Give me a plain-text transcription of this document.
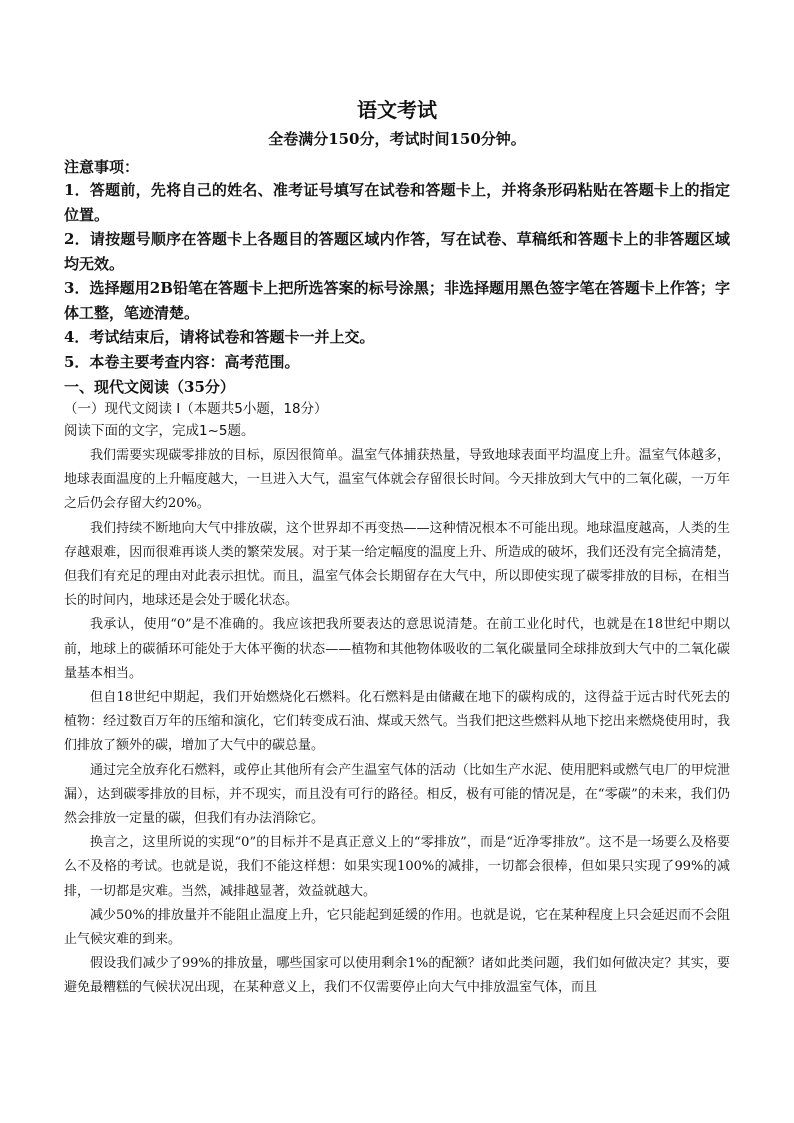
语文考试
全卷满分150分，考试时间150分钟。
注意事项：
1．答题前，先将自己的姓名、准考证号填写在试卷和答题卡上，并将条形码粘贴在答题卡上的指定位置。
2．请按题号顺序在答题卡上各题目的答题区域内作答，写在试卷、草稿纸和答题卡上的非答题区域均无效。
3．选择题用2B铅笔在答题卡上把所选答案的标号涂黑；非选择题用黑色签字笔在答题卡上作答；字体工整，笔迹清楚。
4．考试结束后，请将试卷和答题卡一并上交。
5．本卷主要考查内容：高考范围。
一、现代文阅读（35分）
（一）现代文阅读 I（本题共5小题，18分）
阅读下面的文字，完成1~5题。

我们需要实现碳零排放的目标，原因很简单。温室气体捕获热量，导致地球表面平均温度上升。温室气体越多，地球表面温度的上升幅度越大，一旦进入大气，温室气体就会存留很长时间。今天排放到大气中的二氧化碳，一万年之后仍会存留大约20%。

我们持续不断地向大气中排放碳，这个世界却不再变热——这种情况根本不可能出现。地球温度越高，人类的生存越艰难，因而很难再谈人类的繁荣发展。对于某一给定幅度的温度上升、所造成的破坏，我们还没有完全搞清楚，但我们有充足的理由对此表示担忧。而且，温室气体会长期留存在大气中，所以即使实现了碳零排放的目标，在相当长的时间内，地球还是会处于暖化状态。

我承认，使用“0”是不准确的。我应该把我所要表达的意思说清楚。在前工业化时代，也就是在18世纪中期以前，地球上的碳循环可能处于大体平衡的状态——植物和其他物体吸收的二氧化碳量同全球排放到大气中的二氧化碳量基本相当。

但自18世纪中期起，我们开始燃烧化石燃料。化石燃料是由储藏在地下的碳构成的，这得益于远古时代死去的植物：经过数百万年的压缩和演化，它们转变成石油、煤或天然气。当我们把这些燃料从地下挖出来燃烧使用时，我们排放了额外的碳，增加了大气中的碳总量。

通过完全放弃化石燃料，或停止其他所有会产生温室气体的活动（比如生产水泥、使用肥料或燃气电厂的甲烷泄漏），达到碳零排放的目标，并不现实，而且没有可行的路径。相反，极有可能的情况是，在“零碳”的未来，我们仍然会排放一定量的碳，但我们有办法消除它。

换言之，这里所说的实现“0”的目标并不是真正意义上的“零排放”，而是“近净零排放”。这不是一场要么及格要么不及格的考试。也就是说，我们不能这样想：如果实现100%的减排，一切都会很棒，但如果只实现了99%的减排，一切都是灾难。当然，减排越显著，效益就越大。

减少50%的排放量并不能阻止温度上升，它只能起到延缓的作用。也就是说，它在某种程度上只会延迟而不会阻止气候灾难的到来。

假设我们减少了99%的排放量，哪些国家可以使用剩余1%的配额？诸如此类问题，我们如何做决定？其实，要避免最糟糕的气候状况出现，在某种意义上，我们不仅需要停止向大气中排放温室气体，而且
